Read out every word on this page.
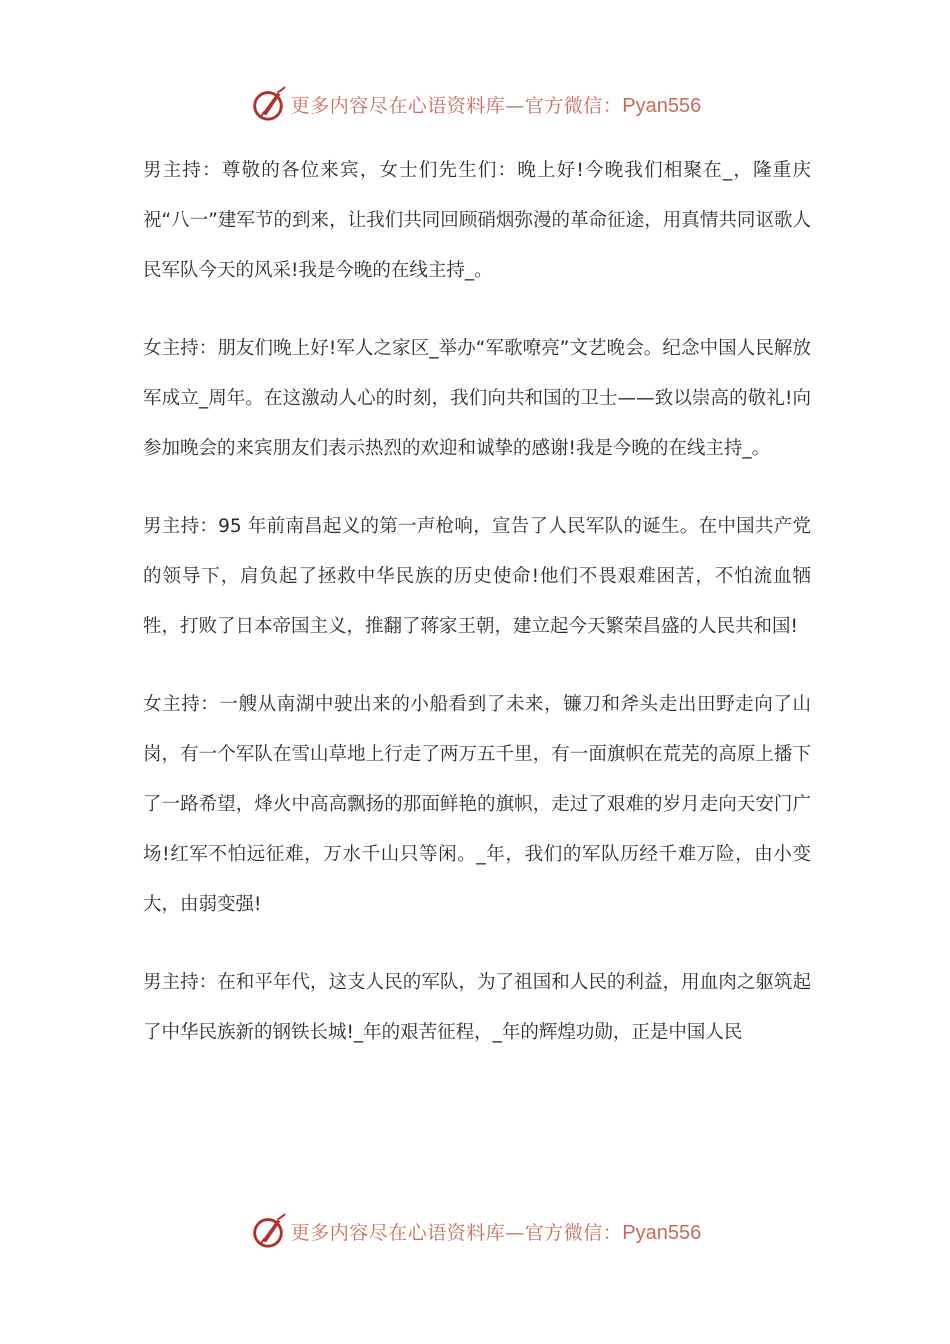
更多内容尽在心语资料库—官方微信：Pyan556

男主持：尊敬的各位来宾，女士们先生们：晚上好!今晚我们相聚在_，隆重庆祝“八一”建军节的到来，让我们共同回顾硝烟弥漫的革命征途，用真情共同讴歌人民军队今天的风采!我是今晚的在线主持_。

女主持：朋友们晚上好!军人之家区_举办“军歌嘹亮”文艺晚会。纪念中国人民解放军成立_周年。在这激动人心的时刻，我们向共和国的卫士——致以崇高的敬礼!向参加晚会的来宾朋友们表示热烈的欢迎和诚挚的感谢!我是今晚的在线主持_。

男主持：95 年前南昌起义的第一声枪响，宣告了人民军队的诞生。在中国共产党的领导下，肩负起了拯救中华民族的历史使命!他们不畏艰难困苦，不怕流血牺牲，打败了日本帝国主义，推翻了蒋家王朝，建立起今天繁荣昌盛的人民共和国!

女主持：一艘从南湖中驶出来的小船看到了未来，镰刀和斧头走出田野走向了山岗，有一个军队在雪山草地上行走了两万五千里，有一面旗帜在荒芜的高原上播下了一路希望，烽火中高高飘扬的那面鲜艳的旗帜，走过了艰难的岁月走向天安门广场!红军不怕远征难，万水千山只等闲。_年，我们的军队历经千难万险，由小变大，由弱变强!

男主持：在和平年代，这支人民的军队，为了祖国和人民的利益，用血肉之躯筑起了中华民族新的钢铁长城!_年的艰苦征程，_年的辉煌功勋，正是中国人民

更多内容尽在心语资料库—官方微信：Pyan556
